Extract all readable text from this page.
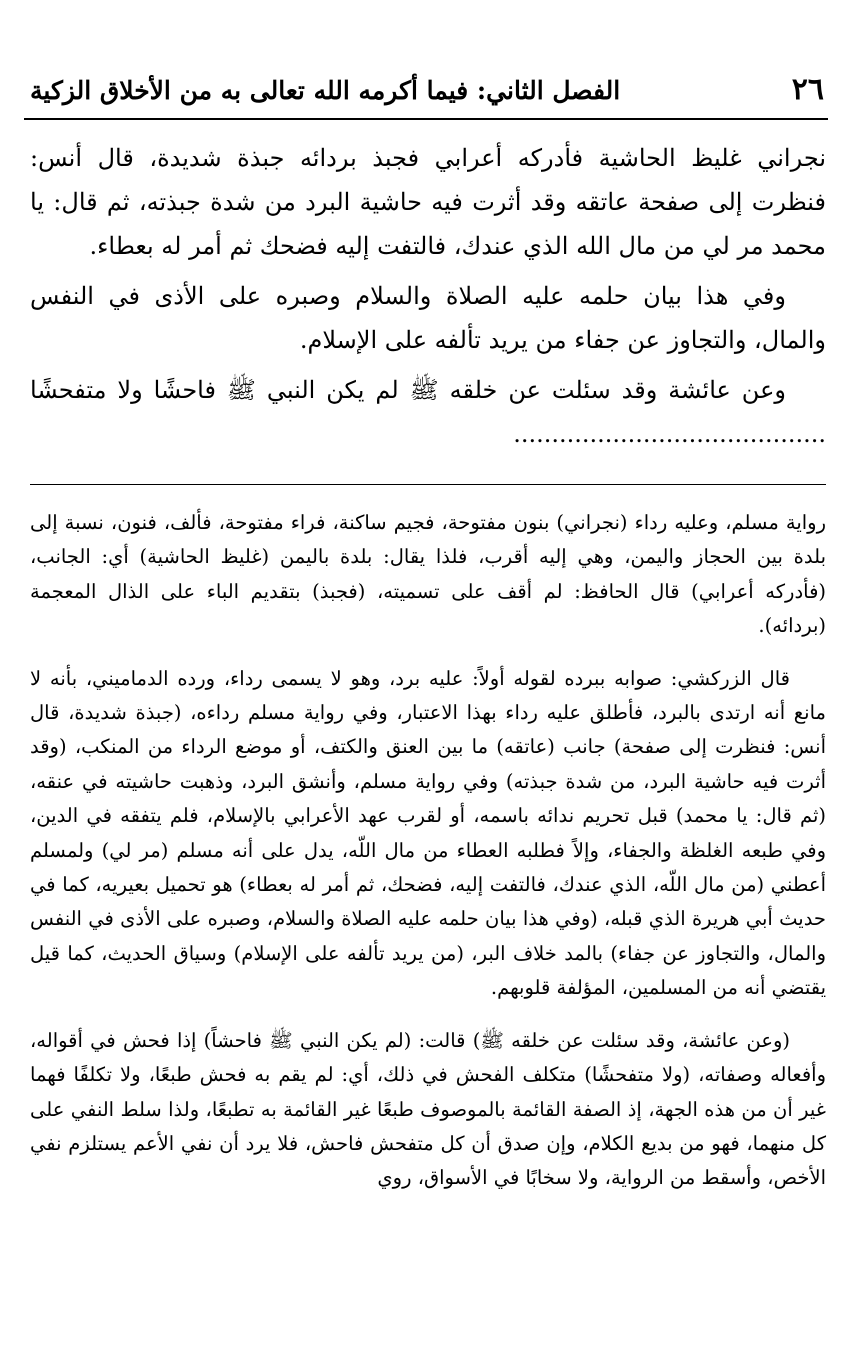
٢٦
الفصل الثاني: فيما أكرمه الله تعالى به من الأخلاق الزكية

نجراني غليظ الحاشية فأدركه أعرابي فجبذ بردائه جبذة شديدة، قال أنس: فنظرت إلى صفحة عاتقه وقد أثرت فيه حاشية البرد من شدة جبذته، ثم قال: يا محمد مر لي من مال الله الذي عندك، فالتفت إليه فضحك ثم أمر له بعطاء.

وفي هذا بيان حلمه عليه الصلاة والسلام وصبره على الأذى في النفس والمال، والتجاوز عن جفاء من يريد تألفه على الإسلام.

وعن عائشة وقد سئلت عن خلقه ﷺ لم يكن النبي ﷺ فاحشًا ولا متفحشًا .........................................

رواية مسلم، وعليه رداء (نجراني) بنون مفتوحة، فجيم ساكنة، فراء مفتوحة، فألف، فنون، نسبة إلى بلدة بين الحجاز واليمن، وهي إليه أقرب، فلذا يقال: بلدة باليمن (غليظ الحاشية) أي: الجانب، (فأدركه أعرابي) قال الحافظ: لم أقف على تسميته، (فجبذ) بتقديم الباء على الذال المعجمة (بردائه).

قال الزركشي: صوابه ببرده لقوله أولاً: عليه برد، وهو لا يسمى رداء، ورده الدماميني، بأنه لا مانع أنه ارتدى بالبرد، فأطلق عليه رداء بهذا الاعتبار، وفي رواية مسلم رداءه، (جبذة شديدة، قال أنس: فنظرت إلى صفحة) جانب (عاتقه) ما بين العنق والكتف، أو موضع الرداء من المنكب، (وقد أثرت فيه حاشية البرد، من شدة جبذته) وفي رواية مسلم، وأنشق البرد، وذهبت حاشيته في عنقه، (ثم قال: يا محمد) قبل تحريم ندائه باسمه، أو لقرب عهد الأعرابي بالإسلام، فلم يتفقه في الدين، وفي طبعه الغلظة والجفاء، وإلاً فطلبه العطاء من مال اللّه، يدل على أنه مسلم (مر لي) ولمسلم أعطني (من مال اللّه، الذي عندك، فالتفت إليه، فضحك، ثم أمر له بعطاء) هو تحميل بعيريه، كما في حديث أبي هريرة الذي قبله، (وفي هذا بيان حلمه عليه الصلاة والسلام، وصبره على الأذى في النفس والمال، والتجاوز عن جفاء) بالمد خلاف البر، (من يريد تألفه على الإسلام) وسياق الحديث، كما قيل يقتضي أنه من المسلمين، المؤلفة قلوبهم.

(وعن عائشة، وقد سئلت عن خلقه ﷺ) قالت: (لم يكن النبي ﷺ فاحشاً) إذا فحش في أقواله، وأفعاله وصفاته، (ولا متفحشًا) متكلف الفحش في ذلك، أي: لم يقم به فحش طبعًا، ولا تكلفًا فهما غير أن من هذه الجهة، إذ الصفة القائمة بالموصوف طبعًا غير القائمة به تطبعًا، ولذا سلط النفي على كل منهما، فهو من بديع الكلام، وإن صدق أن كل متفحش فاحش، فلا يرد أن نفي الأعم يستلزم نفي الأخص، وأسقط من الرواية، ولا سخابًا في الأسواق، روي
